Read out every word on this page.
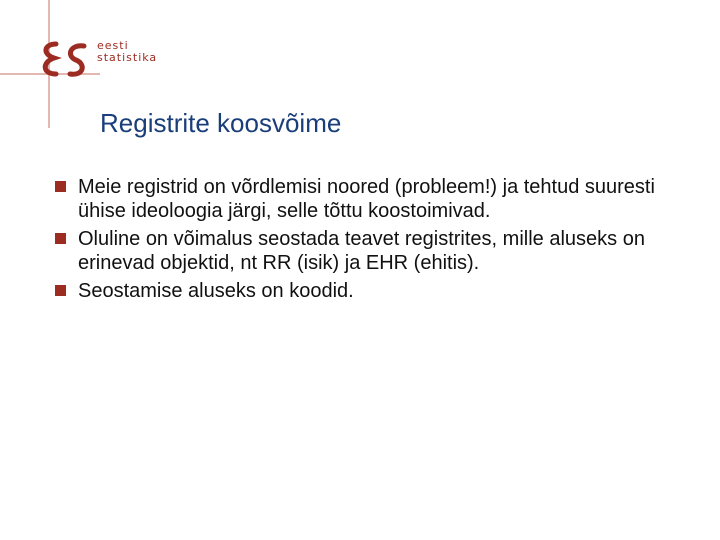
eesti
statistika
Registrite koosvõime
Meie registrid on võrdlemisi noored (probleem!) ja tehtud suuresti ühise ideoloogia järgi, selle tõttu koostoimivad.
Oluline on võimalus seostada teavet registrites, mille aluseks on erinevad objektid, nt RR (isik) ja EHR (ehitis).
Seostamise aluseks on koodid.
